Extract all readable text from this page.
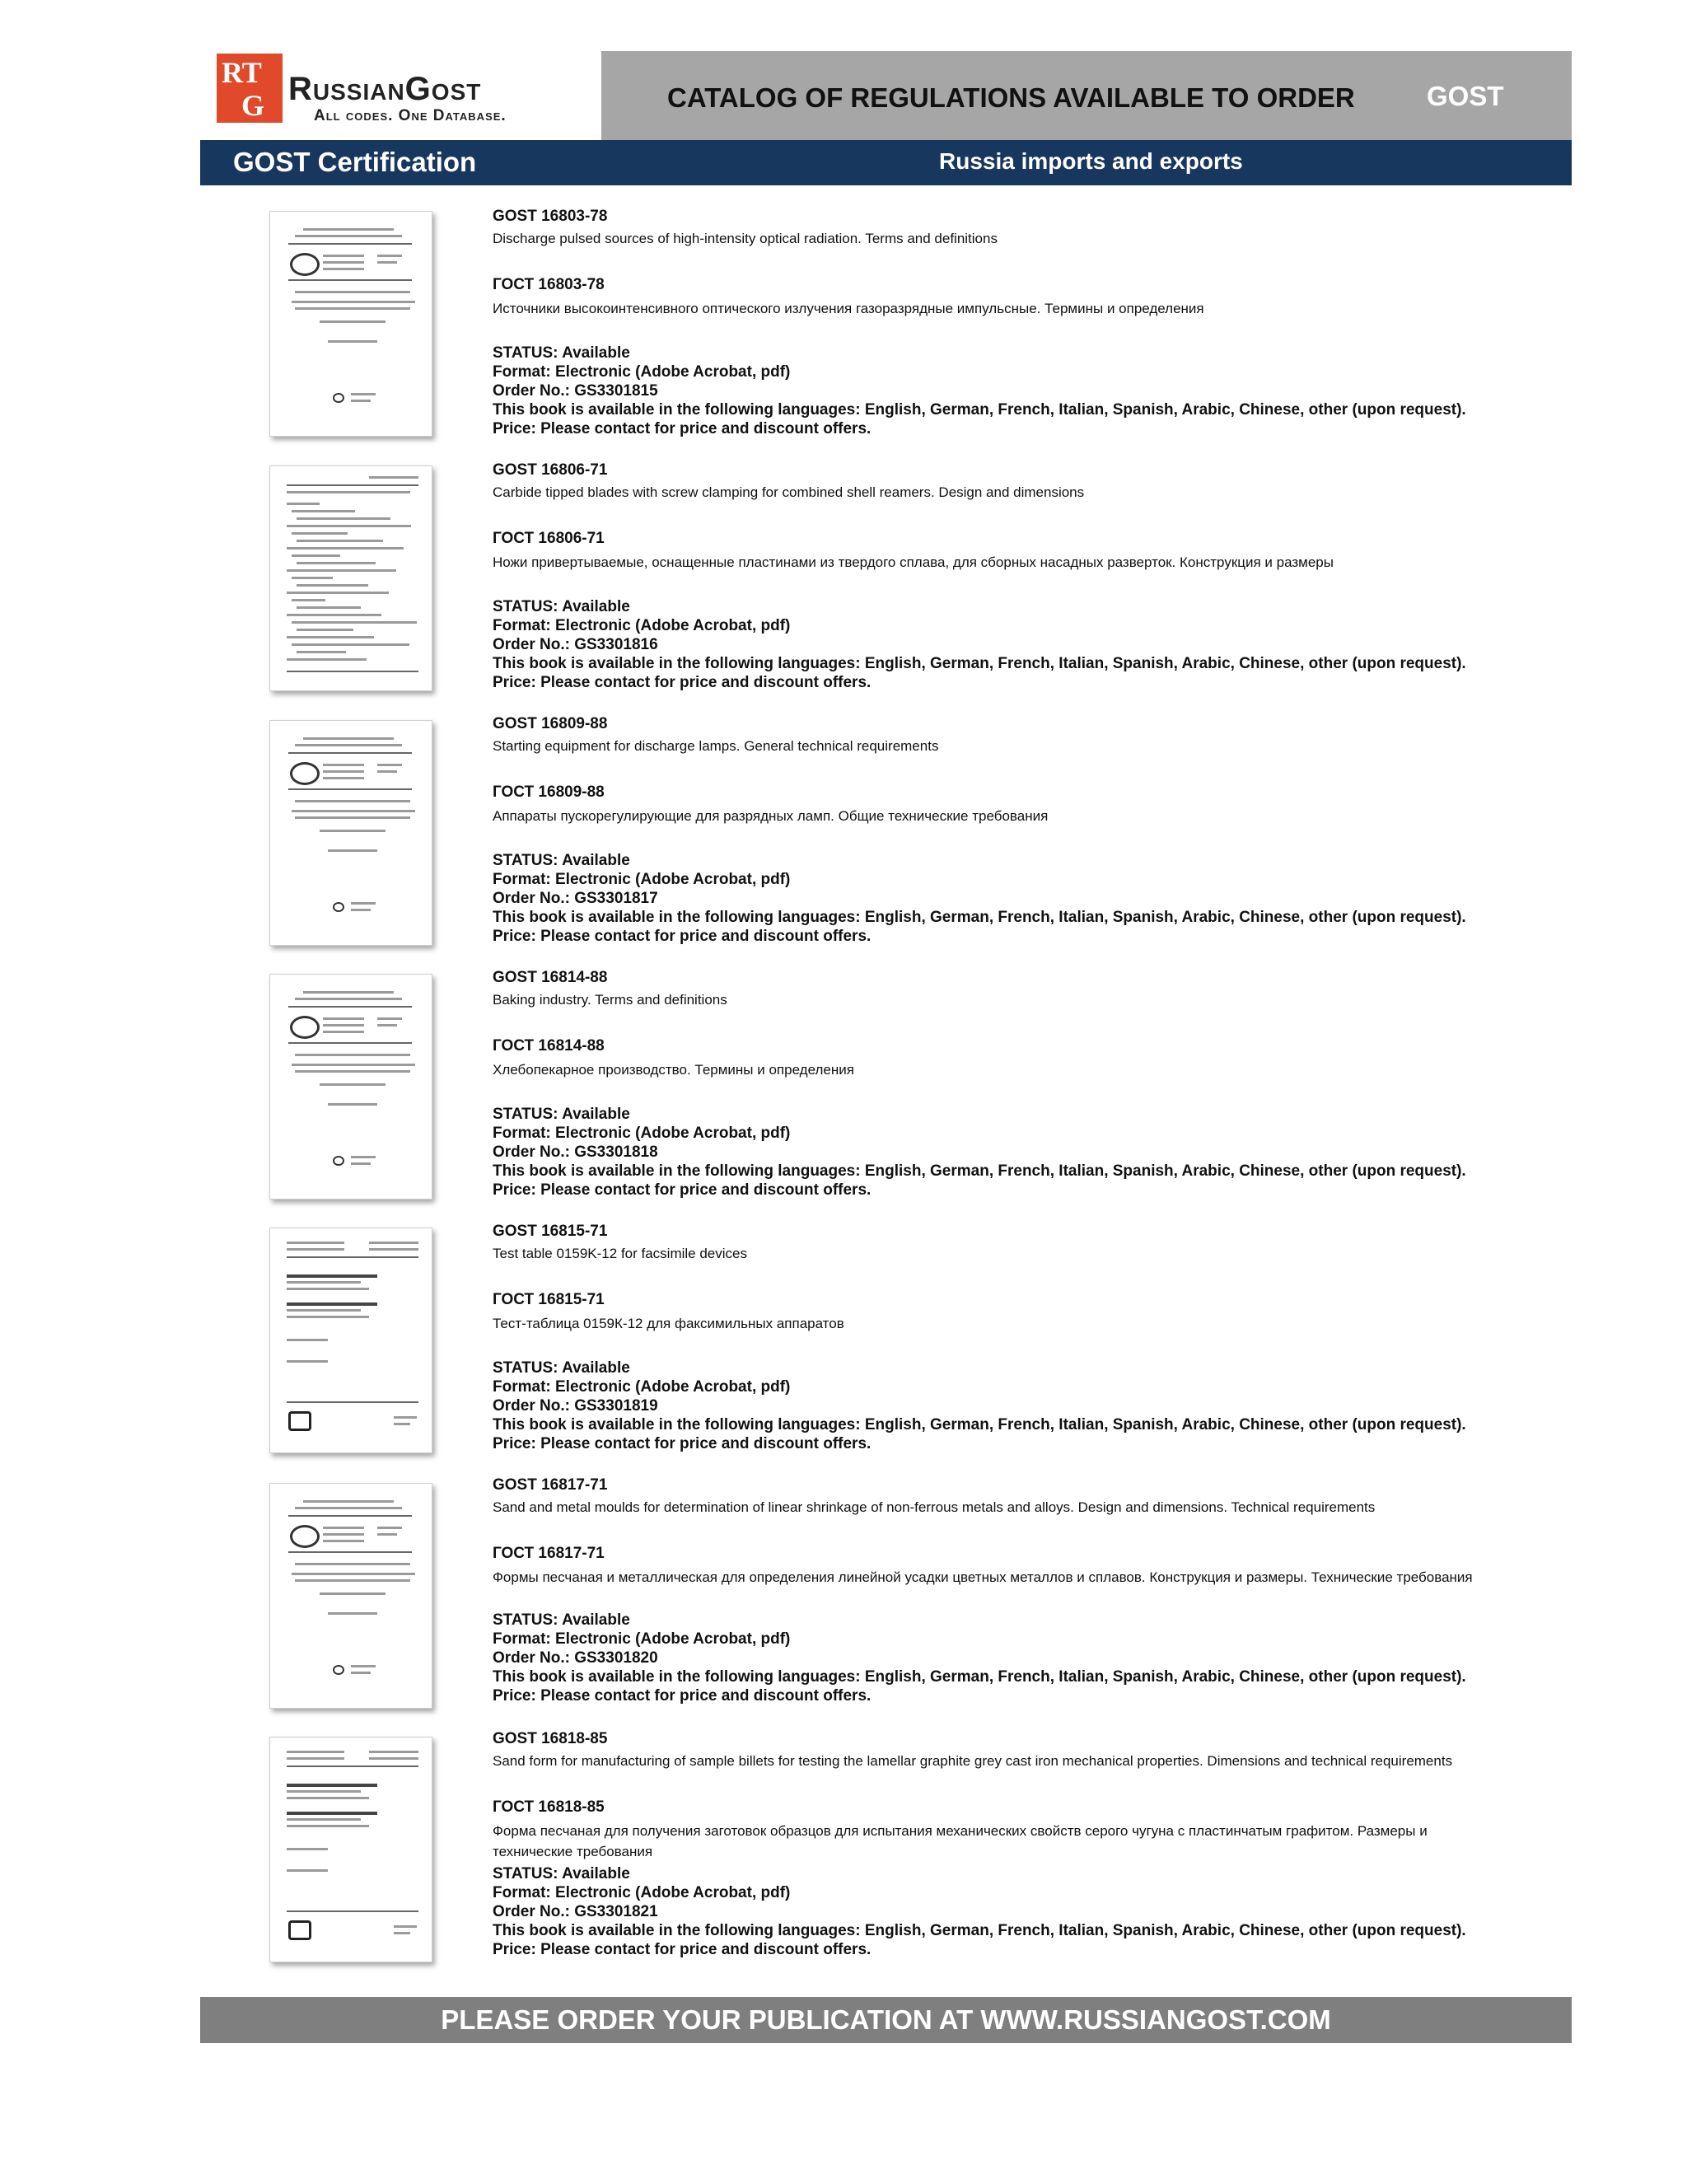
RT
G RussianGost
All codes. One Database.
CATALOG OF REGULATIONS AVAILABLE TO ORDER	GOST
GOST Certification	Russia imports and exports
GOST 16803-78
Discharge pulsed sources of high-intensity optical radiation. Terms and definitions
ГОСТ 16803-78
Источники высокоинтенсивного оптического излучения газоразрядные импульсные. Термины и определения
STATUS: Available
Format: Electronic (Adobe Acrobat, pdf)
Order No.: GS3301815
This book is available in the following languages: English, German, French, Italian, Spanish, Arabic, Chinese, other (upon request).
Price: Please contact for price and discount offers.
GOST 16806-71
Carbide tipped blades with screw clamping for combined shell reamers. Design and dimensions
ГОСТ 16806-71
Ножи привертываемые, оснащенные пластинами из твердого сплава, для сборных насадных разверток. Конструкция и размеры
STATUS: Available
Format: Electronic (Adobe Acrobat, pdf)
Order No.: GS3301816
This book is available in the following languages: English, German, French, Italian, Spanish, Arabic, Chinese, other (upon request).
Price: Please contact for price and discount offers.
GOST 16809-88
Starting equipment for discharge lamps. General technical requirements
ГОСТ 16809-88
Аппараты пускорегулирующие для разрядных ламп. Общие технические требования
STATUS: Available
Format: Electronic (Adobe Acrobat, pdf)
Order No.: GS3301817
This book is available in the following languages: English, German, French, Italian, Spanish, Arabic, Chinese, other (upon request).
Price: Please contact for price and discount offers.
GOST 16814-88
Baking industry. Terms and definitions
ГОСТ 16814-88
Хлебопекарное производство. Термины и определения
STATUS: Available
Format: Electronic (Adobe Acrobat, pdf)
Order No.: GS3301818
This book is available in the following languages: English, German, French, Italian, Spanish, Arabic, Chinese, other (upon request).
Price: Please contact for price and discount offers.
GOST 16815-71
Test table 0159K-12 for facsimile devices
ГОСТ 16815-71
Тест-таблица 0159К-12 для факсимильных аппаратов
STATUS: Available
Format: Electronic (Adobe Acrobat, pdf)
Order No.: GS3301819
This book is available in the following languages: English, German, French, Italian, Spanish, Arabic, Chinese, other (upon request).
Price: Please contact for price and discount offers.
GOST 16817-71
Sand and metal moulds for determination of linear shrinkage of non-ferrous metals and alloys. Design and dimensions. Technical requirements
ГОСТ 16817-71
Формы песчаная и металлическая для определения линейной усадки цветных металлов и сплавов. Конструкция и размеры. Технические требования
STATUS: Available
Format: Electronic (Adobe Acrobat, pdf)
Order No.: GS3301820
This book is available in the following languages: English, German, French, Italian, Spanish, Arabic, Chinese, other (upon request).
Price: Please contact for price and discount offers.
GOST 16818-85
Sand form for manufacturing of sample billets for testing the lamellar graphite grey cast iron mechanical properties. Dimensions and technical requirements
ГОСТ 16818-85
Форма песчаная для получения заготовок образцов для испытания механических свойств серого чугуна с пластинчатым графитом. Размеры и технические требования
STATUS: Available
Format: Electronic (Adobe Acrobat, pdf)
Order No.: GS3301821
This book is available in the following languages: English, German, French, Italian, Spanish, Arabic, Chinese, other (upon request).
Price: Please contact for price and discount offers.
PLEASE ORDER YOUR PUBLICATION AT WWW.RUSSIANGOST.COM
